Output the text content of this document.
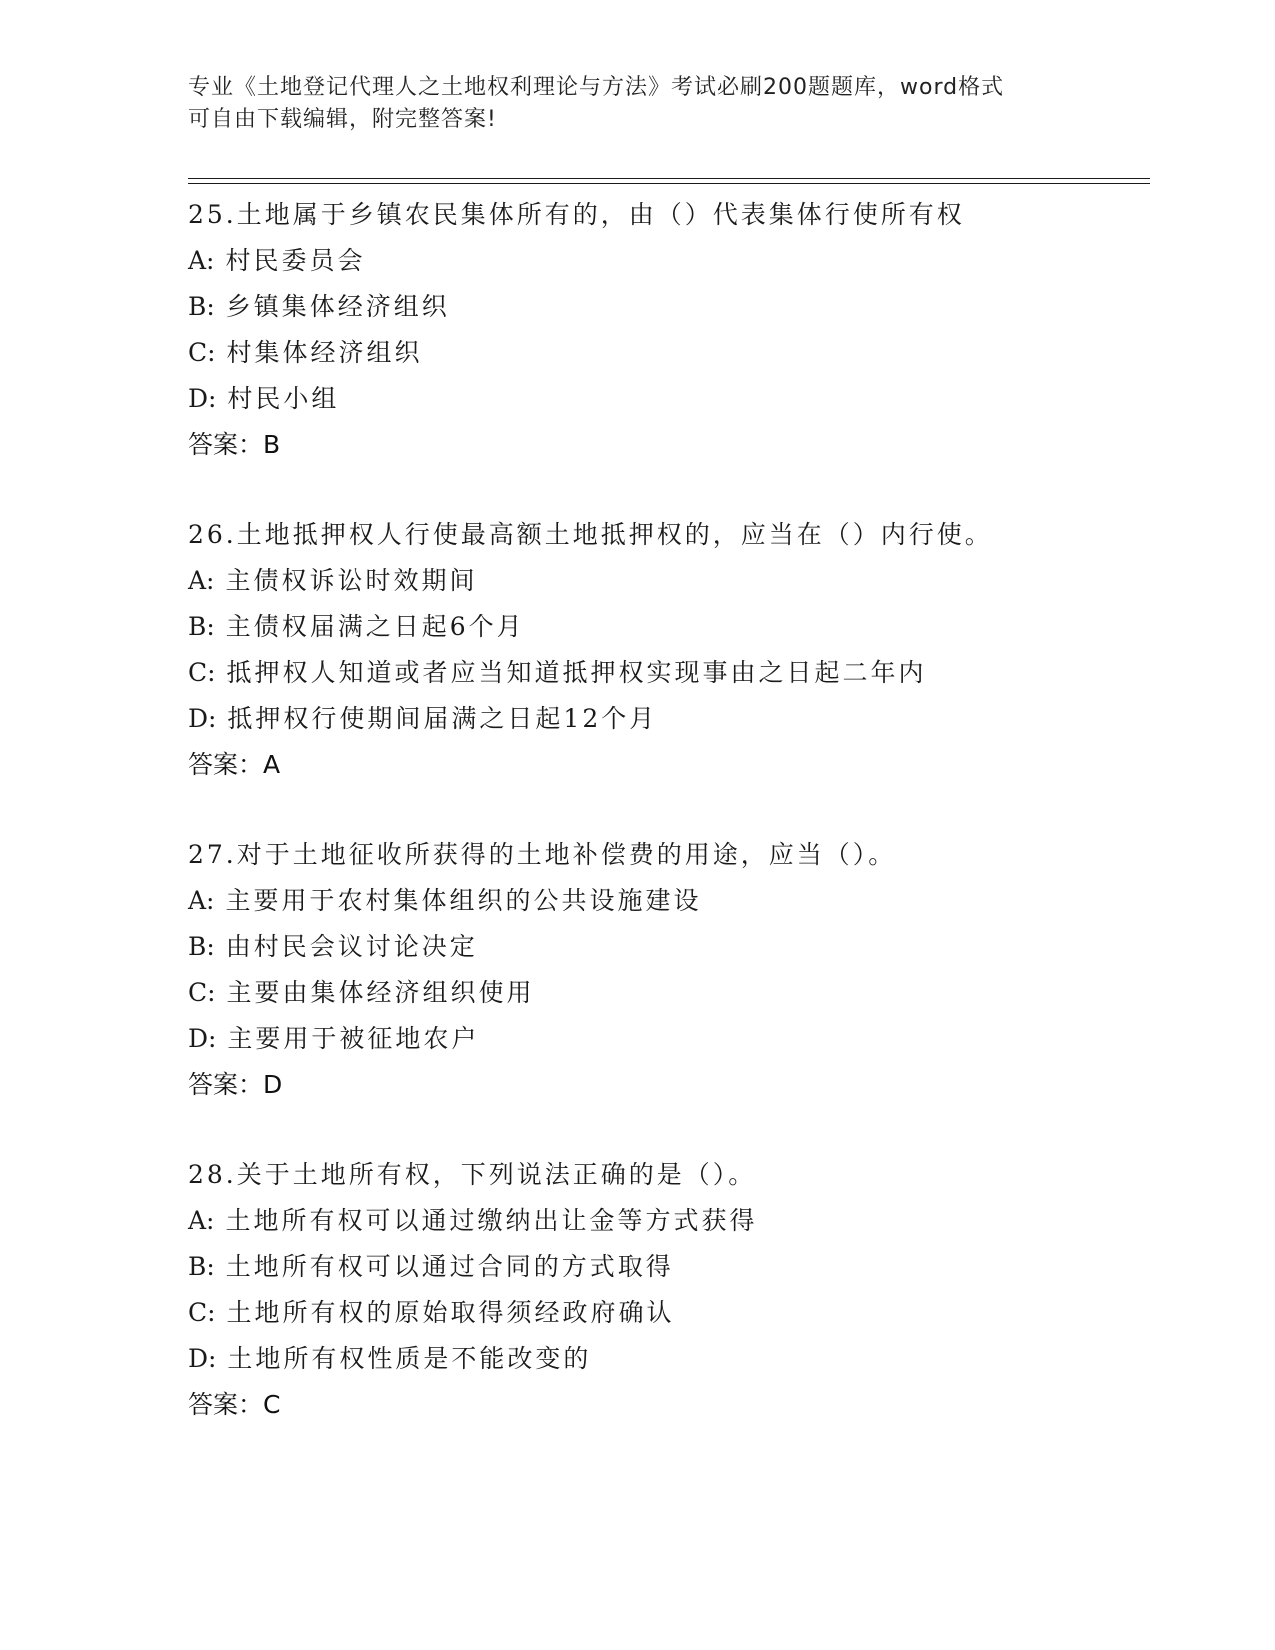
专业《土地登记代理人之土地权利理论与方法》考试必刷200题题库，word格式
可自由下载编辑，附完整答案!
25.土地属于乡镇农民集体所有的，由（）代表集体行使所有权
A: 村民委员会
B: 乡镇集体经济组织
C: 村集体经济组织
D: 村民小组
答案：B
26.土地抵押权人行使最高额土地抵押权的，应当在（）内行使。
A: 主债权诉讼时效期间
B: 主债权届满之日起6个月
C: 抵押权人知道或者应当知道抵押权实现事由之日起二年内
D: 抵押权行使期间届满之日起12个月
答案：A
27.对于土地征收所获得的土地补偿费的用途，应当（）。
A: 主要用于农村集体组织的公共设施建设
B: 由村民会议讨论决定
C: 主要由集体经济组织使用
D: 主要用于被征地农户
答案：D
28.关于土地所有权，下列说法正确的是（）。
A: 土地所有权可以通过缴纳出让金等方式获得
B: 土地所有权可以通过合同的方式取得
C: 土地所有权的原始取得须经政府确认
D: 土地所有权性质是不能改变的
答案：C
